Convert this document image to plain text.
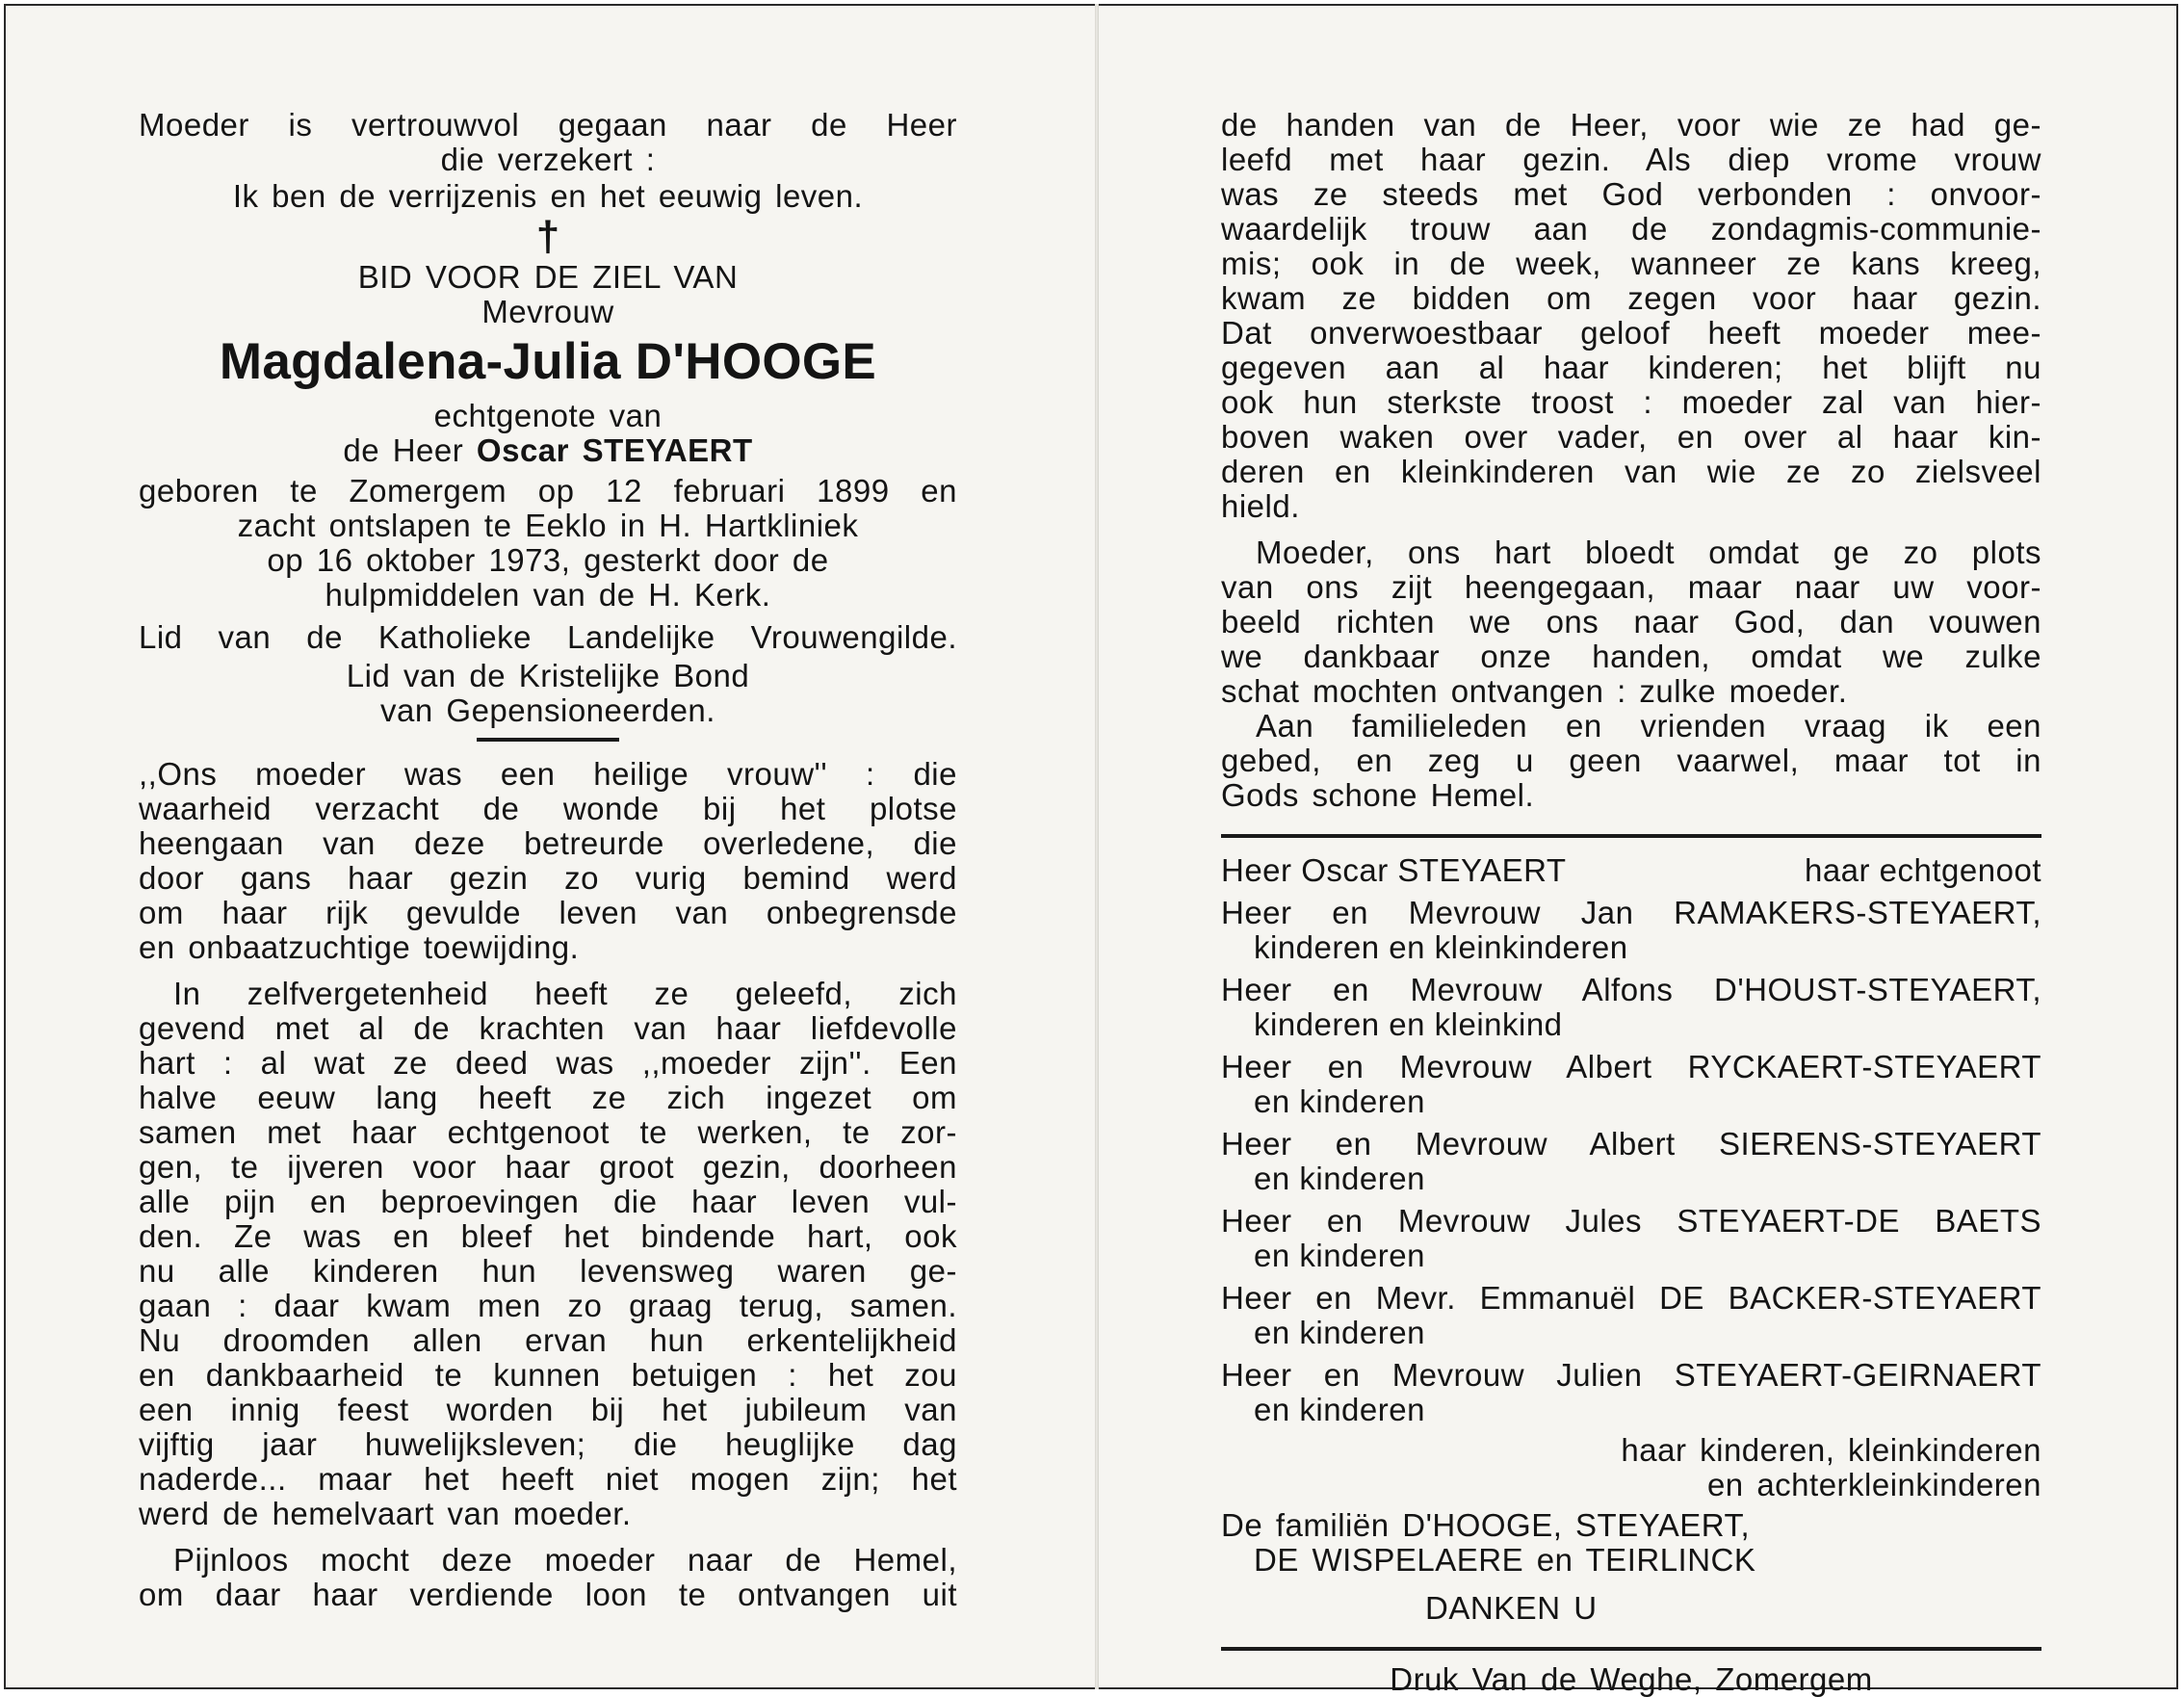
Moeder is vertrouwvol gegaan naar de Heer
die verzekert :
Ik ben de verrijzenis en het eeuwig leven.
†
BID VOOR DE ZIEL VAN
Mevrouw
Magdalena-Julia D'HOOGE
echtgenote van
de Heer Oscar STEYAERT
geboren te Zomergem op 12 februari 1899 en
zacht ontslapen te Eeklo in H. Hartkliniek
op 16 oktober 1973, gesterkt door de
hulpmiddelen van de H. Kerk.
Lid van de Katholieke Landelijke Vrouwengilde.
Lid van de Kristelijke Bond
van Gepensioneerden.
,,Ons moeder was een heilige vrouw'' : die
waarheid verzacht de wonde bij het plotse
heengaan van deze betreurde overledene, die
door gans haar gezin zo vurig bemind werd
om haar rijk gevulde leven van onbegrensde
en onbaatzuchtige toewijding.
In zelfvergetenheid heeft ze geleefd, zich
gevend met al de krachten van haar liefdevolle
hart : al wat ze deed was ,,moeder zijn''. Een
halve eeuw lang heeft ze zich ingezet om
samen met haar echtgenoot te werken, te zor-
gen, te ijveren voor haar groot gezin, doorheen
alle pijn en beproevingen die haar leven vul-
den. Ze was en bleef het bindende hart, ook
nu alle kinderen hun levensweg waren ge-
gaan : daar kwam men zo graag terug, samen.
Nu droomden allen ervan hun erkentelijkheid
en dankbaarheid te kunnen betuigen : het zou
een innig feest worden bij het jubileum van
vijftig jaar huwelijksleven; die heuglijke dag
naderde... maar het heeft niet mogen zijn; het
werd de hemelvaart van moeder.
Pijnloos mocht deze moeder naar de Hemel,
om daar haar verdiende loon te ontvangen uit
de handen van de Heer, voor wie ze had ge-
leefd met haar gezin. Als diep vrome vrouw
was ze steeds met God verbonden : onvoor-
waardelijk trouw aan de zondagmis-communie-
mis; ook in de week, wanneer ze kans kreeg,
kwam ze bidden om zegen voor haar gezin.
Dat onverwoestbaar geloof heeft moeder mee-
gegeven aan al haar kinderen; het blijft nu
ook hun sterkste troost : moeder zal van hier-
boven waken over vader, en over al haar kin-
deren en kleinkinderen van wie ze zo zielsveel
hield.
Moeder, ons hart bloedt omdat ge zo plots
van ons zijt heengegaan, maar naar uw voor-
beeld richten we ons naar God, dan vouwen
we dankbaar onze handen, omdat we zulke
schat mochten ontvangen : zulke moeder.
Aan familieleden en vrienden vraag ik een
gebed, en zeg u geen vaarwel, maar tot in
Gods schone Hemel.
Heer Oscar STEYAERT	haar echtgenoot
Heer en Mevrouw Jan RAMAKERS-STEYAERT,
kinderen en kleinkinderen
Heer en Mevrouw Alfons D'HOUST-STEYAERT,
kinderen en kleinkind
Heer en Mevrouw Albert RYCKAERT-STEYAERT
en kinderen
Heer en Mevrouw Albert SIERENS-STEYAERT
en kinderen
Heer en Mevrouw Jules STEYAERT-DE BAETS
en kinderen
Heer en Mevr. Emmanuël DE BACKER-STEYAERT
en kinderen
Heer en Mevrouw Julien STEYAERT-GEIRNAERT
en kinderen
haar kinderen, kleinkinderen
en achterkleinkinderen
De familiën D'HOOGE, STEYAERT,
DE WISPELAERE en TEIRLINCK
DANKEN U
Druk Van de Weghe, Zomergem
